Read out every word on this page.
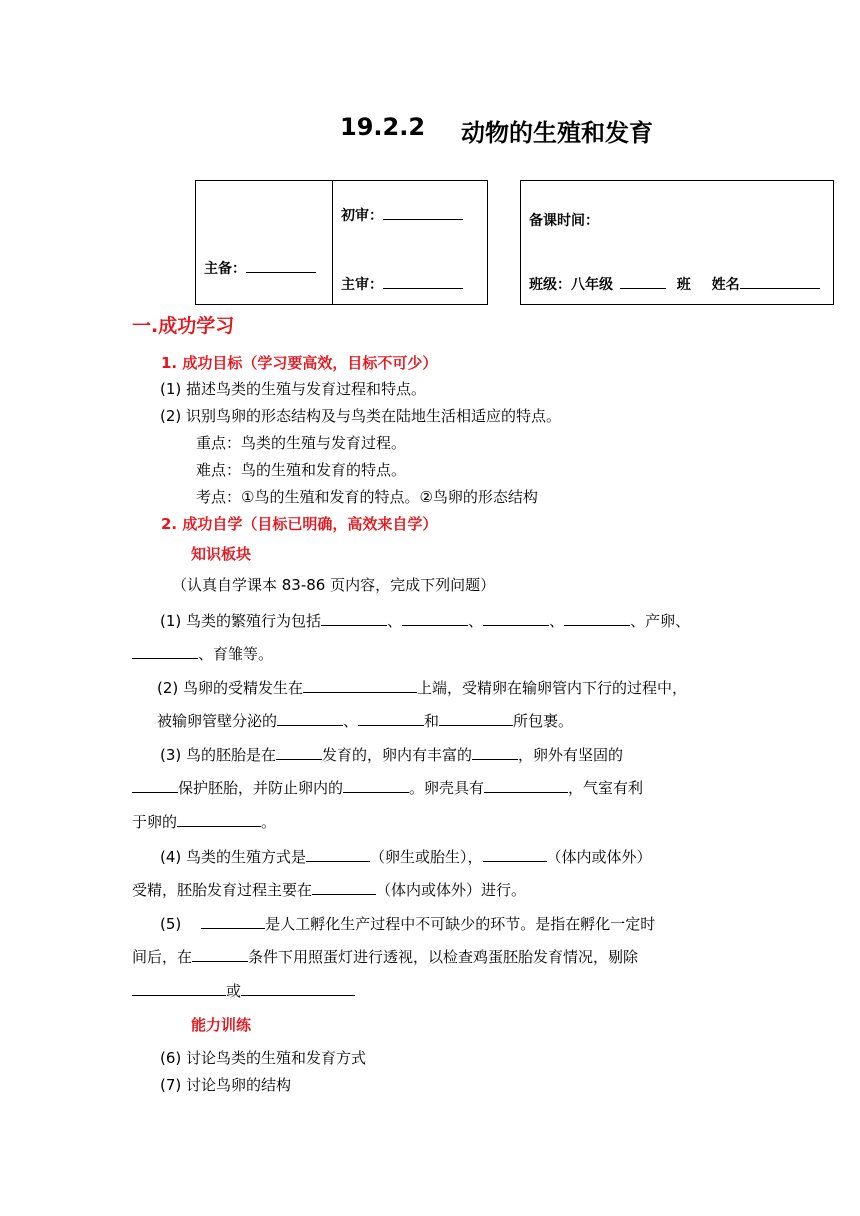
19.2.2 动物的生殖和发育
主备：
初审：
主审：
备课时间：
班级：八年级	班 姓名
一.成功学习
1. 成功目标（学习要高效，目标不可少）
(1) 描述鸟类的生殖与发育过程和特点。
(2) 识别鸟卵的形态结构及与鸟类在陆地生活相适应的特点。
重点：鸟类的生殖与发育过程。
难点：鸟的生殖和发育的特点。
考点：①鸟的生殖和发育的特点。②鸟卵的形态结构
2. 成功自学（目标已明确，高效来自学）
知识板块
（认真自学课本 83-86 页内容，完成下列问题）
(1) 鸟类的繁殖行为包括	、	、	、	、产卵、
、育雏等。
(2) 鸟卵的受精发生在	上端，受精卵在输卵管内下行的过程中，
被输卵管壁分泌的	、	和	所包裹。
(3) 鸟的胚胎是在	发育的，卵内有丰富的	，卵外有坚固的
保护胚胎，并防止卵内的	。卵壳具有	，气室有利
于卵的	。
(4) 鸟类的生殖方式是	（卵生或胎生），	（体内或体外）
受精，胚胎发育过程主要在	（体内或体外）进行。
(5)	是人工孵化生产过程中不可缺少的环节。是指在孵化一定时
间后，在	条件下用照蛋灯进行透视，以检查鸡蛋胚胎发育情况，剔除
或
能力训练
(6) 讨论鸟类的生殖和发育方式
(7) 讨论鸟卵的结构
